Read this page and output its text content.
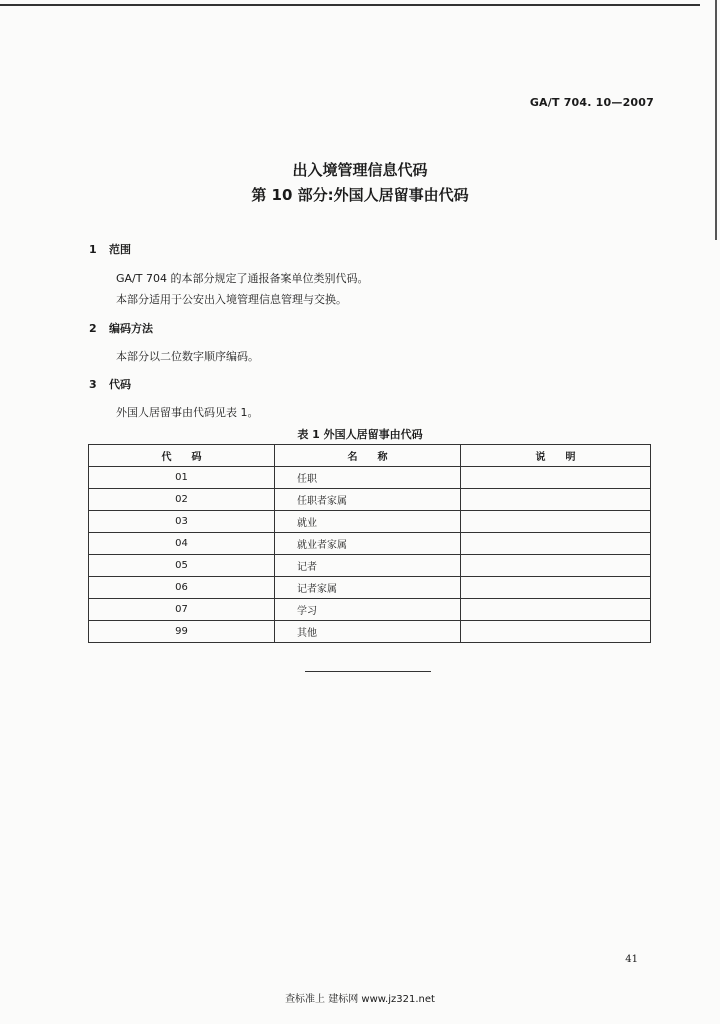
GA/T 704. 10—2007
出入境管理信息代码
第 10 部分:外国人居留事由代码
1 范围
GA/T 704 的本部分规定了通报备案单位类别代码。
本部分适用于公安出入境管理信息管理与交换。
2 编码方法
本部分以二位数字顺序编码。
3 代码
外国人居留事由代码见表 1。
表 1 外国人居留事由代码
代　　码	名　　称	说　　明
01	任职	
02	任职者家属	
03	就业	
04	就业者家属	
05	记者	
06	记者家属	
07	学习	
99	其他	
41
查标准上 建标网 www.jz321.net
